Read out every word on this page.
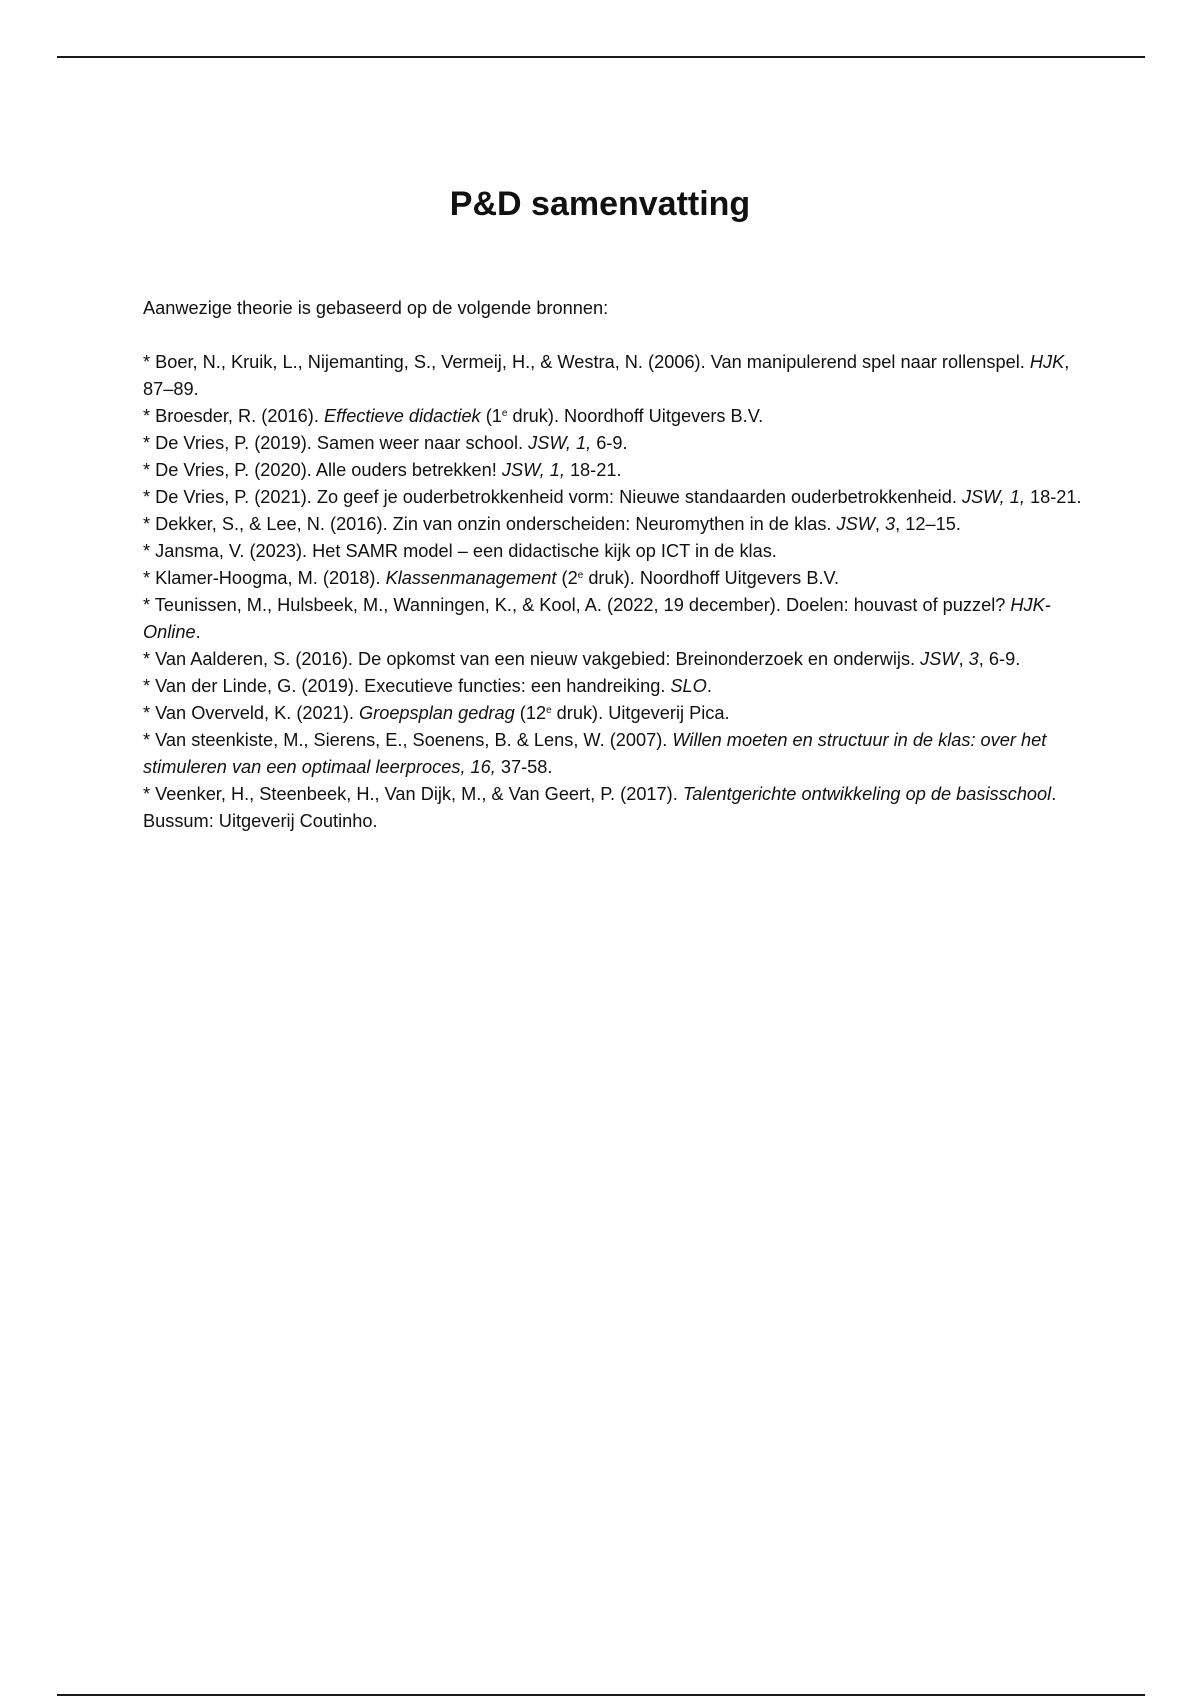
P&D samenvatting

Aanwezige theorie is gebaseerd op de volgende bronnen:

* Boer, N., Kruik, L., Nijemanting, S., Vermeij, H., & Westra, N. (2006). Van manipulerend spel naar rollenspel. HJK, 87–89.
* Broesder, R. (2016). Effectieve didactiek (1e druk). Noordhoff Uitgevers B.V.
* De Vries, P. (2019). Samen weer naar school. JSW, 1, 6-9.
* De Vries, P. (2020). Alle ouders betrekken! JSW, 1, 18-21.
* De Vries, P. (2021). Zo geef je ouderbetrokkenheid vorm: Nieuwe standaarden ouderbetrokkenheid. JSW, 1, 18-21.
* Dekker, S., & Lee, N. (2016). Zin van onzin onderscheiden: Neuromythen in de klas. JSW, 3, 12–15.
* Jansma, V. (2023). Het SAMR model – een didactische kijk op ICT in de klas.
* Klamer-Hoogma, M. (2018). Klassenmanagement (2e druk). Noordhoff Uitgevers B.V.
* Teunissen, M., Hulsbeek, M., Wanningen, K., & Kool, A. (2022, 19 december). Doelen: houvast of puzzel? HJK-Online.
* Van Aalderen, S. (2016). De opkomst van een nieuw vakgebied: Breinonderzoek en onderwijs. JSW, 3, 6-9.
* Van der Linde, G. (2019). Executieve functies: een handreiking. SLO.
* Van Overveld, K. (2021). Groepsplan gedrag (12e druk). Uitgeverij Pica.
* Van steenkiste, M., Sierens, E., Soenens, B. & Lens, W. (2007). Willen moeten en structuur in de klas: over het stimuleren van een optimaal leerproces, 16, 37-58.
* Veenker, H., Steenbeek, H., Van Dijk, M., & Van Geert, P. (2017). Talentgerichte ontwikkeling op de basisschool. Bussum: Uitgeverij Coutinho.
